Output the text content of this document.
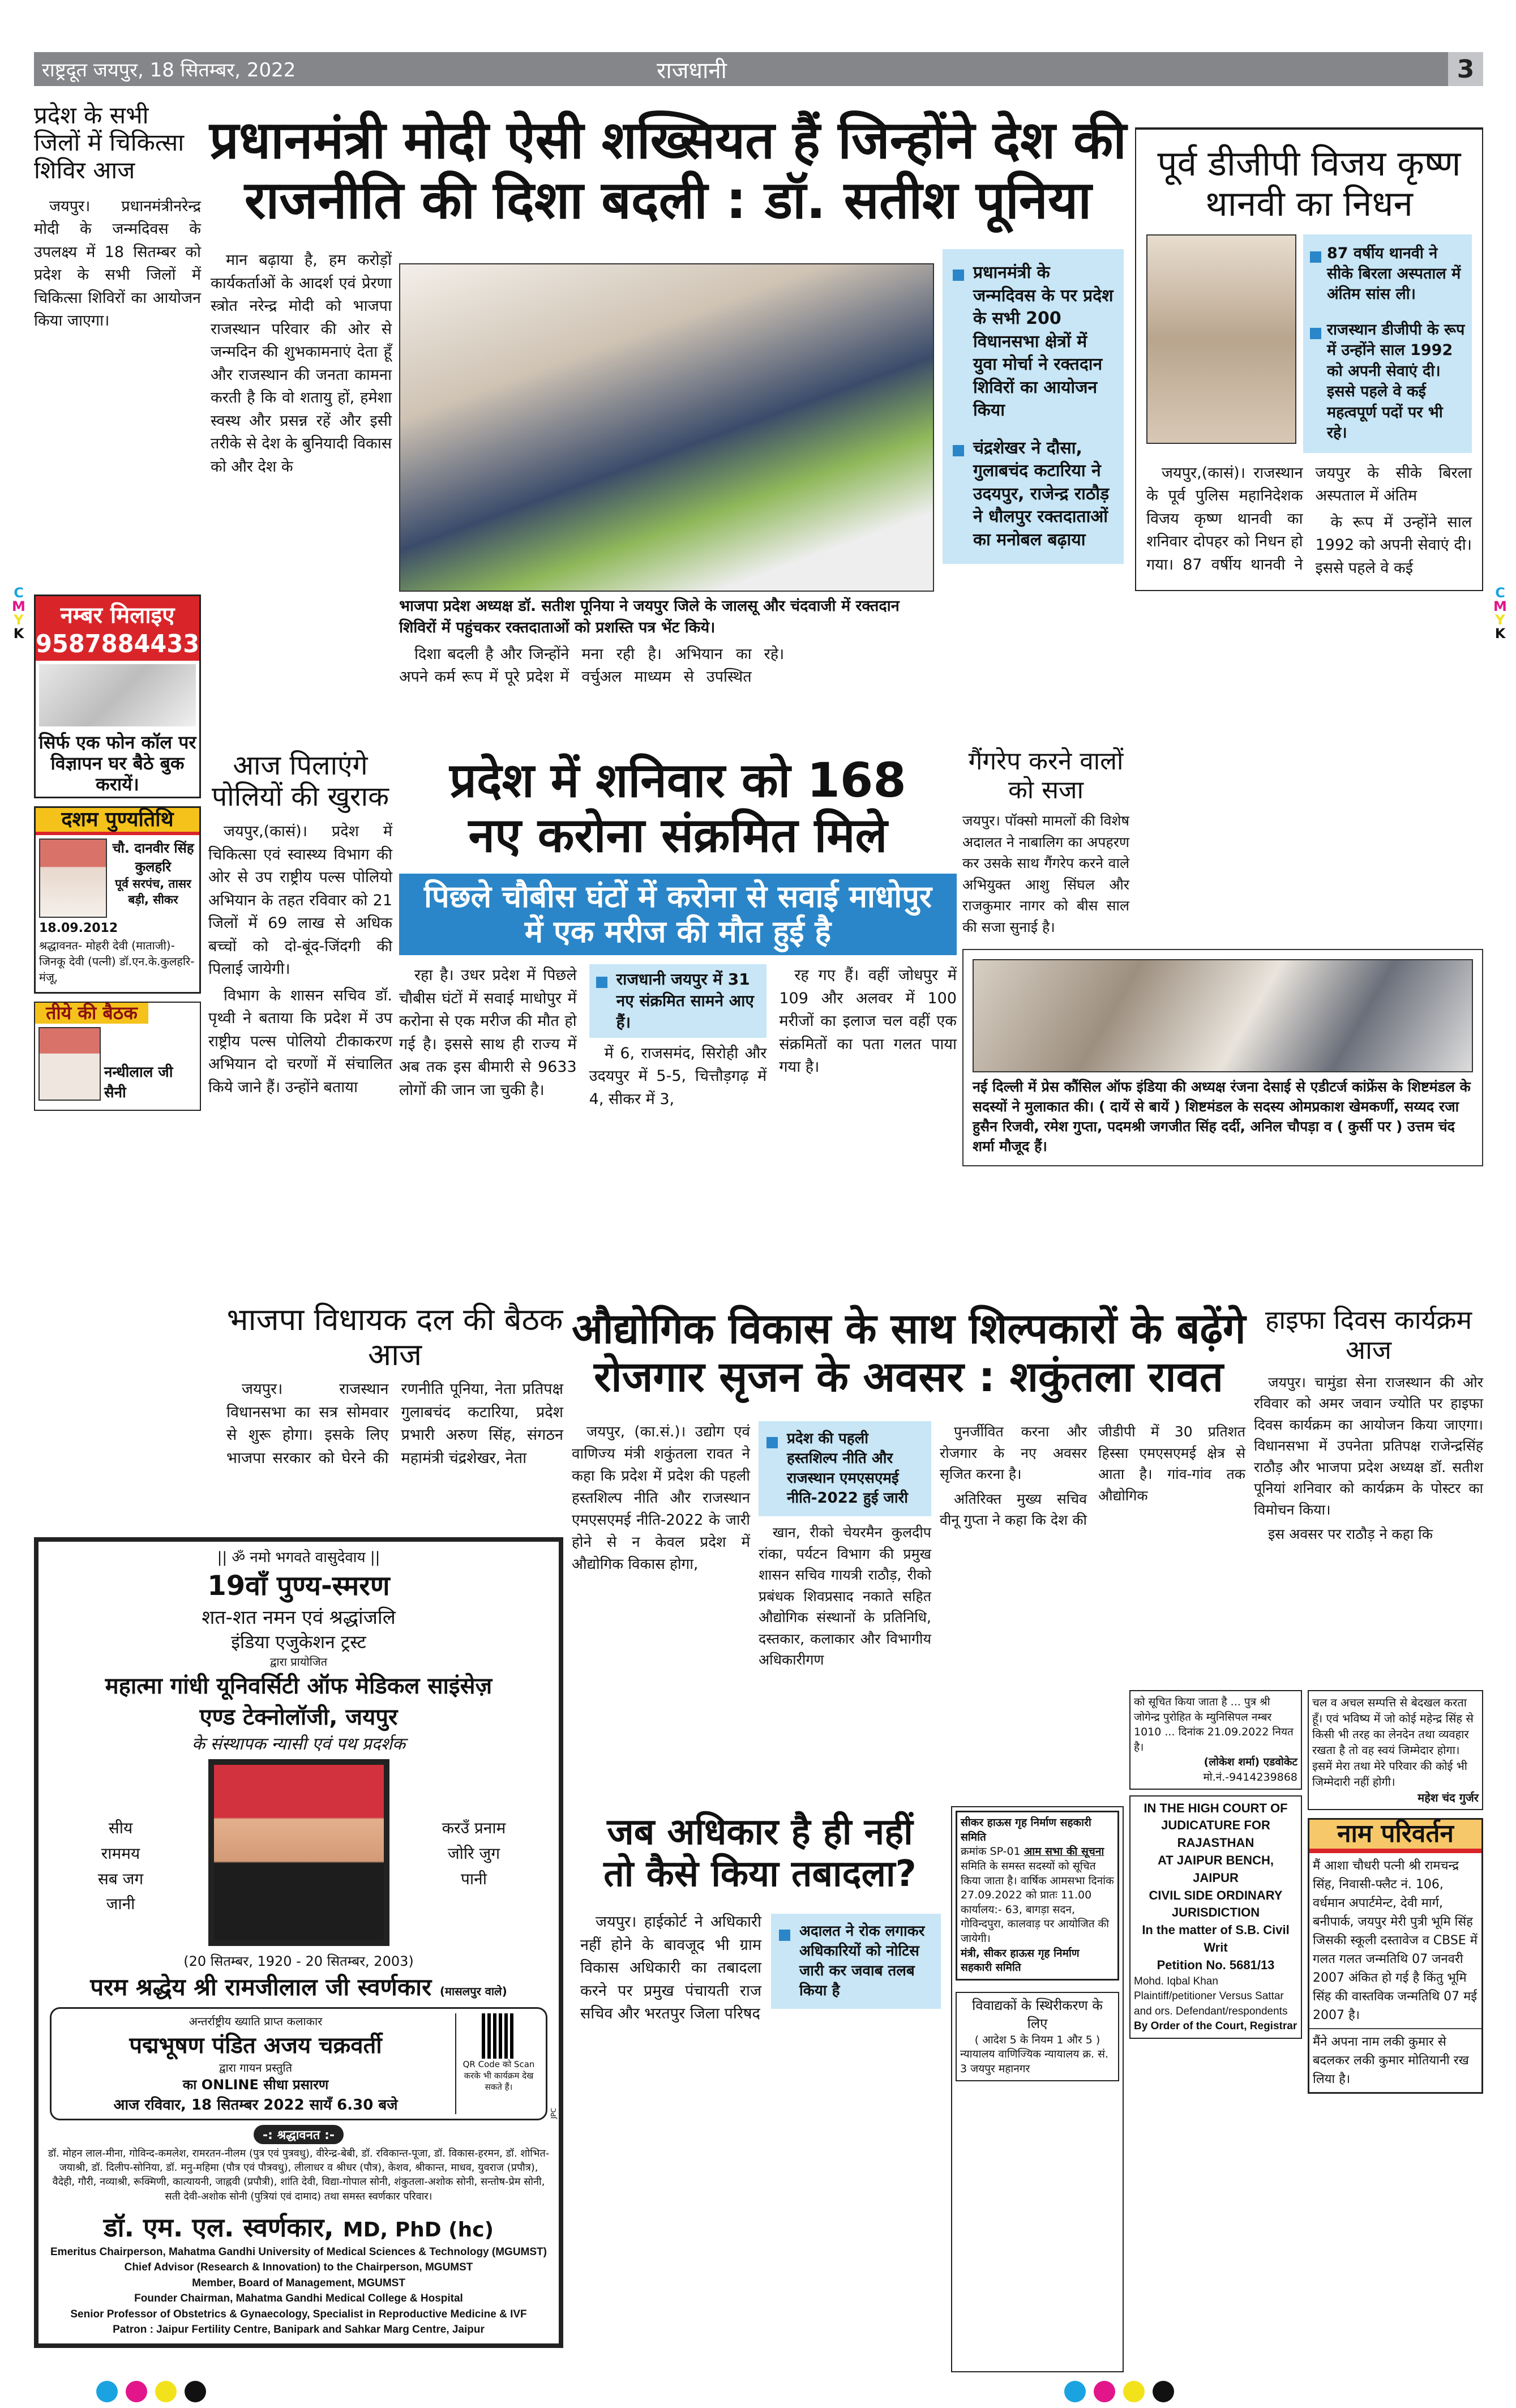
राष्ट्रदूत जयपुर, 18 सितम्बर, 2022	राजधानी	3
प्रदेश के सभी जिलों में चिकित्सा शिविर आज

जयपुर। प्रधानमंत्रीनरेन्द्र मोदी के जन्मदिवस के उपलक्ष्य में 18 सितम्बर को प्रदेश के सभी जिलों में चिकित्सा शिविरों का आयोजन किया जाएगा।

प्रधानमंत्री मोदी ऐसी शख्सियत हैं जिन्होंने देश की
राजनीति की दिशा बदली : डॉ. सतीश पूनिया

मान बढ़ाया है, हम करोड़ों कार्यकर्ताओं के आदर्श एवं प्रेरणा स्त्रोत नरेन्द्र मोदी को भाजपा राजस्थान परिवार की ओर से जन्मदिन की शुभकामनाएं देता हूँ और राजस्थान की जनता कामना करती है कि वो शतायु हों, हमेशा स्वस्थ और प्रसन्न रहें और इसी तरीके से देश के बुनियादी विकास को और देश के

भाजपा प्रदेश अध्यक्ष डॉ. सतीश पूनिया ने जयपुर जिले के जालसू और चंदवाजी में रक्तदान शिविरों में पहुंचकर रक्तदाताओं को प्रशस्ति पत्र भेंट किये।

दिशा बदली है और जिन्होंने अपने कर्म रूप में पूरे प्रदेश में मना रही है। अभियान का वर्चुअल माध्यम से उपस्थित रहे।

प्रधानमंत्री के जन्मदिवस के पर प्रदेश के सभी 200 विधानसभा क्षेत्रों में युवा मोर्चा ने रक्तदान शिविरों का आयोजन किया
चंद्रशेखर ने दौसा, गुलाबचंद कटारिया ने उदयपुर, राजेन्द्र राठौड़ ने धौलपुर रक्तदाताओं का मनोबल बढ़ाया
पूर्व डीजीपी विजय कृष्ण थानवी का निधन
87 वर्षीय थानवी ने सीके बिरला अस्पताल में अंतिम सांस ली।
राजस्थान डीजीपी के रूप में उन्होंने साल 1992 को अपनी सेवाएं दी। इससे पहले वे कई महत्वपूर्ण पदों पर भी रहे।

जयपुर,(कासं)। राजस्थान के पूर्व पुलिस महानिदेशक विजय कृष्ण थानवी का शनिवार दोपहर को निधन हो गया। 87 वर्षीय थानवी ने जयपुर के सीके बिरला अस्पताल में अंतिम

के रूप में उन्होंने साल 1992 को अपनी सेवाएं दी। इससे पहले वे कई

नम्बर मिलाइए
9587884433
सिर्फ एक फोन कॉल पर विज्ञापन घर बैठे बुक करायें।
दशम पुण्यतिथि
चौ. दानवीर सिंह कुलहरि
पूर्व सरपंच, तासर बड़ी, सीकर
18.09.2012
श्रद्धावनत- मोहरी देवी (माताजी)-जिनकू देवी (पत्नी) डॉ.एन.के.कुलहरि-मंजू,
तीये की बैठक
नन्धीलाल जी सैनी
आज पिलाएंगे पोलियों की खुराक

जयपुर,(कासं)। प्रदेश में चिकित्सा एवं स्वास्थ्य विभाग की ओर से उप राष्ट्रीय पल्स पोलियो अभियान के तहत रविवार को 21 जिलों में 69 लाख से अधिक बच्चों को दो-बूंद-जिंदगी की पिलाई जायेगी।

विभाग के शासन सचिव डॉ. पृथ्वी ने बताया कि प्रदेश में उप राष्ट्रीय पल्स पोलियो टीकाकरण अभियान दो चरणों में संचालित किये जाने हैं। उन्होंने बताया

प्रदेश में शनिवार को 168
नए करोना संक्रमित मिले
पिछले चौबीस घंटों में करोना से सवाई माधोपुर में एक मरीज की मौत हुई है

रहा है। उधर प्रदेश में पिछले चौबीस घंटों में सवाई माधोपुर में करोना से एक मरीज की मौत हो गई है। इससे साथ ही राज्य में अब तक इस बीमारी से 9633 लोगों की जान जा चुकी है।

राजधानी जयपुर में 31 नए संक्रमित सामने आए हैं।

में 6, राजसमंद, सिरोही और उदयपुर में 5-5, चित्तौड़गढ़ में 4, सीकर में 3,

रह गए हैं। वहीं जोधपुर में 109 और अलवर में 100 मरीजों का इलाज चल वहीं एक संक्रमितों का पता गलत पाया गया है।

गैंगरेप करने वालों को सजा
जयपुर। पॉक्सो मामलों की विशेष अदालत ने नाबालिग का अपहरण कर उसके साथ गैंगरेप करने वाले अभियुक्त आशु सिंघल और राजकुमार नागर को बीस साल की सजा सुनाई है।
नई दिल्ली में प्रेस कौंसिल ऑफ इंडिया की अध्यक्ष रंजना देसाई से एडीटर्ज कांफ्रेंस के शिष्टमंडल के सदस्यों ने मुलाकात की। ( दायें से बायें ) शिष्टमंडल के सदस्य ओमप्रकाश खेमकर्णी, सय्यद रजा हुसैन रिजवी, रमेश गुप्ता, पदमश्री जगजीत सिंह दर्दी, अनिल चौपड़ा व ( कुर्सी पर ) उत्तम चंद शर्मा मौजूद हैं।
भाजपा विधायक दल की बैठक आज

जयपुर। राजस्थान विधानसभा का सत्र सोमवार से शुरू होगा। इसके लिए भाजपा सरकार को घेरने की रणनीति पूनिया, नेता प्रतिपक्ष गुलाबचंद कटारिया, प्रदेश प्रभारी अरुण सिंह, संगठन महामंत्री चंद्रशेखर, नेता

औद्योगिक विकास के साथ शिल्पकारों के बढ़ेंगे
रोजगार सृजन के अवसर : शकुंतला रावत

जयपुर, (का.सं.)। उद्योग एवं वाणिज्य मंत्री शकुंतला रावत ने कहा कि प्रदेश में प्रदेश की पहली हस्तशिल्प नीति और राजस्थान एमएसएमई नीति-2022 के जारी होने से न केवल प्रदेश में औद्योगिक विकास होगा,

प्रदेश की पहली हस्तशिल्प नीति और राजस्थान एमएसएमई नीति-2022 हुई जारी

खान, रीको चेयरमैन कुलदीप रांका, पर्यटन विभाग की प्रमुख शासन सचिव गायत्री राठौड़, रीको प्रबंधक शिवप्रसाद नकाते सहित औद्योगिक संस्थानों के प्रतिनिधि, दस्तकार, कलाकार और विभागीय अधिकारीगण

पुनर्जीवित करना और रोजगार के नए अवसर सृजित करना है।

अतिरिक्त मुख्य सचिव वीनू गुप्ता ने कहा कि देश की जीडीपी में 30 प्रतिशत हिस्सा एमएसएमई क्षेत्र से आता है। गांव-गांव तक औद्योगिक

हाइफा दिवस कार्यक्रम आज

जयपुर। चामुंडा सेना राजस्थान की ओर रविवार को अमर जवान ज्योति पर हाइफा दिवस कार्यक्रम का आयोजन किया जाएगा। विधानसभा में उपनेता प्रतिपक्ष राजेन्द्रसिंह राठौड़ और भाजपा प्रदेश अध्यक्ष डॉ. सतीश पूनियां शनिवार को कार्यक्रम के पोस्टर का विमोचन किया।

इस अवसर पर राठौड़ ने कहा कि

|| ॐ नमो भगवते वासुदेवाय ||
19वाँ पुण्य-स्मरण
शत-शत नमन एवं श्रद्धांजलि
इंडिया एजुकेशन ट्रस्ट
द्वारा प्रायोजित
महात्मा गांधी यूनिवर्सिटी ऑफ मेडिकल साइंसेज़
एण्ड टेक्नोलॉजी, जयपुर
के संस्थापक न्यासी एवं पथ प्रदर्शक
सीय राममय सब जग जानी
करउँ प्रनाम जोरि जुग पानी
(20 सितम्बर, 1920 - 20 सितम्बर, 2003)
परम श्रद्धेय श्री रामजीलाल जी स्वर्णकार (मासलपुर वाले)
अन्तर्राष्ट्रीय ख्याति प्राप्त कलाकार
पद्मभूषण पंडित अजय चक्रवर्ती
द्वारा गायन प्रस्तुति
का ONLINE सीधा प्रसारण
आज रविवार, 18 सितम्बर 2022 सायँ 6.30 बजे
QR Code को Scan करके भी कार्यक्रम देख सकते हैं।
-: श्रद्धावनत :-
डॉ. मोहन लाल-मीना, गोविन्द-कमलेश, रामरतन-नीलम (पुत्र एवं पुत्रवधु), वीरेन्द्र-बेबी, डॉ. रविकान्त-पूजा, डॉ. विकास-हरमन, डॉ. शोभित-जयाश्री, डॉ. दिलीप-सोनिया, डॉ. मनु-महिमा (पौत्र एवं पौत्रवधु), लीलाधर व श्रीधर (पौत्र), केशव, श्रीकान्त, माधव, युवराज (प्रपौत्र), वैदेही, गौरी, नव्याश्री, रूक्मिणी, कात्यायनी, जाह्नवी (प्रपौत्री), शांति देवी, विद्या-गोपाल सोनी, शंकुतला-अशोक सोनी, सन्तोष-प्रेम सोनी, सती देवी-अशोक सोनी (पुत्रियां एवं दामाद) तथा समस्त स्वर्णकार परिवार।
डॉ. एम. एल. स्वर्णकार, MD, PhD (hc)
Emeritus Chairperson, Mahatma Gandhi University of Medical Sciences & Technology (MGUMST)
Chief Advisor (Research & Innovation) to the Chairperson, MGUMST
Member, Board of Management, MGUMST
Founder Chairman, Mahatma Gandhi Medical College & Hospital
Senior Professor of Obstetrics & Gynaecology, Specialist in Reproductive Medicine & IVF
Patron : Jaipur Fertility Centre, Banipark and Sahkar Marg Centre, Jaipur
JPC
जब अधिकार है ही नहीं
तो कैसे किया तबादला?

जयपुर। हाईकोर्ट ने अधिकारी नहीं होने के बावजूद भी ग्राम विकास अधिकारी का तबादला करने पर प्रमुख पंचायती राज सचिव और भरतपुर जिला परिषद

अदालत ने रोक लगाकर अधिकारियों को नोटिस जारी कर जवाब तलब किया है
सीकर हाऊस गृह निर्माण सहकारी समिति
क्रमांक SP-01 आम सभा की सूचना
समिति के समस्त सदस्यों को सूचित किया जाता है। वार्षिक आमसभा दिनांक 27.09.2022 को प्रातः 11.00 कार्यालय:- 63, बागड़ा सदन, गोविन्दपुरा, कालवाड़ पर आयोजित की जायेगी।
मंत्री, सीकर हाऊस गृह निर्माण सहकारी समिति
विवाद्यकों के स्थिरीकरण के लिए
( आदेश 5 के नियम 1 और 5 )
न्यायालय वाणिज्यिक न्यायालय क्र. सं. 3 जयपुर महानगर
को सूचित किया जाता है ... पुत्र श्री जोगेन्द्र पुरोहित के म्युनिसिपल नम्बर 1010 ... दिनांक 21.09.2022 नियत है।
(लोकेश शर्मा) एडवोकेट
मो.नं.-9414239868
IN THE HIGH COURT OF
JUDICATURE FOR RAJASTHAN
AT JAIPUR BENCH, JAIPUR
CIVIL SIDE ORDINARY JURISDICTION
In the matter of S.B. Civil Writ
Petition No. 5681/13
Mohd. Iqbal Khan Plaintiff/petitioner Versus Sattar and ors. Defendant/respondents
By Order of the Court, Registrar
चल व अचल सम्पत्ति से बेदखल करता हूँ। एवं भविष्य में जो कोई महेन्द्र सिंह से किसी भी तरह का लेनदेन तथा व्यवहार रखता है तो वह स्वयं जिम्मेदार होगा। इसमें मेरा तथा मेरे परिवार की कोई भी जिम्मेदारी नहीं होगी।
महेश चंद गुर्जर
नाम परिवर्तन
मैं आशा चौधरी पत्नी श्री रामचन्द्र सिंह, निवासी-फ्लैट नं. 106, वर्धमान अपार्टमेन्ट, देवी मार्ग, बनीपार्क, जयपुर मेरी पुत्री भूमि सिंह जिसकी स्कूली दस्तावेज व CBSE में गलत गलत जन्मतिथि 07 जनवरी 2007 अंकित हो गई है किंतु भूमि सिंह की वास्तविक जन्मतिथि 07 मई 2007 है।
मैंने अपना नाम लकी कुमार से बदलकर लकी कुमार मोतियानी रख लिया है।
C
M
Y
K
C
M
Y
K
